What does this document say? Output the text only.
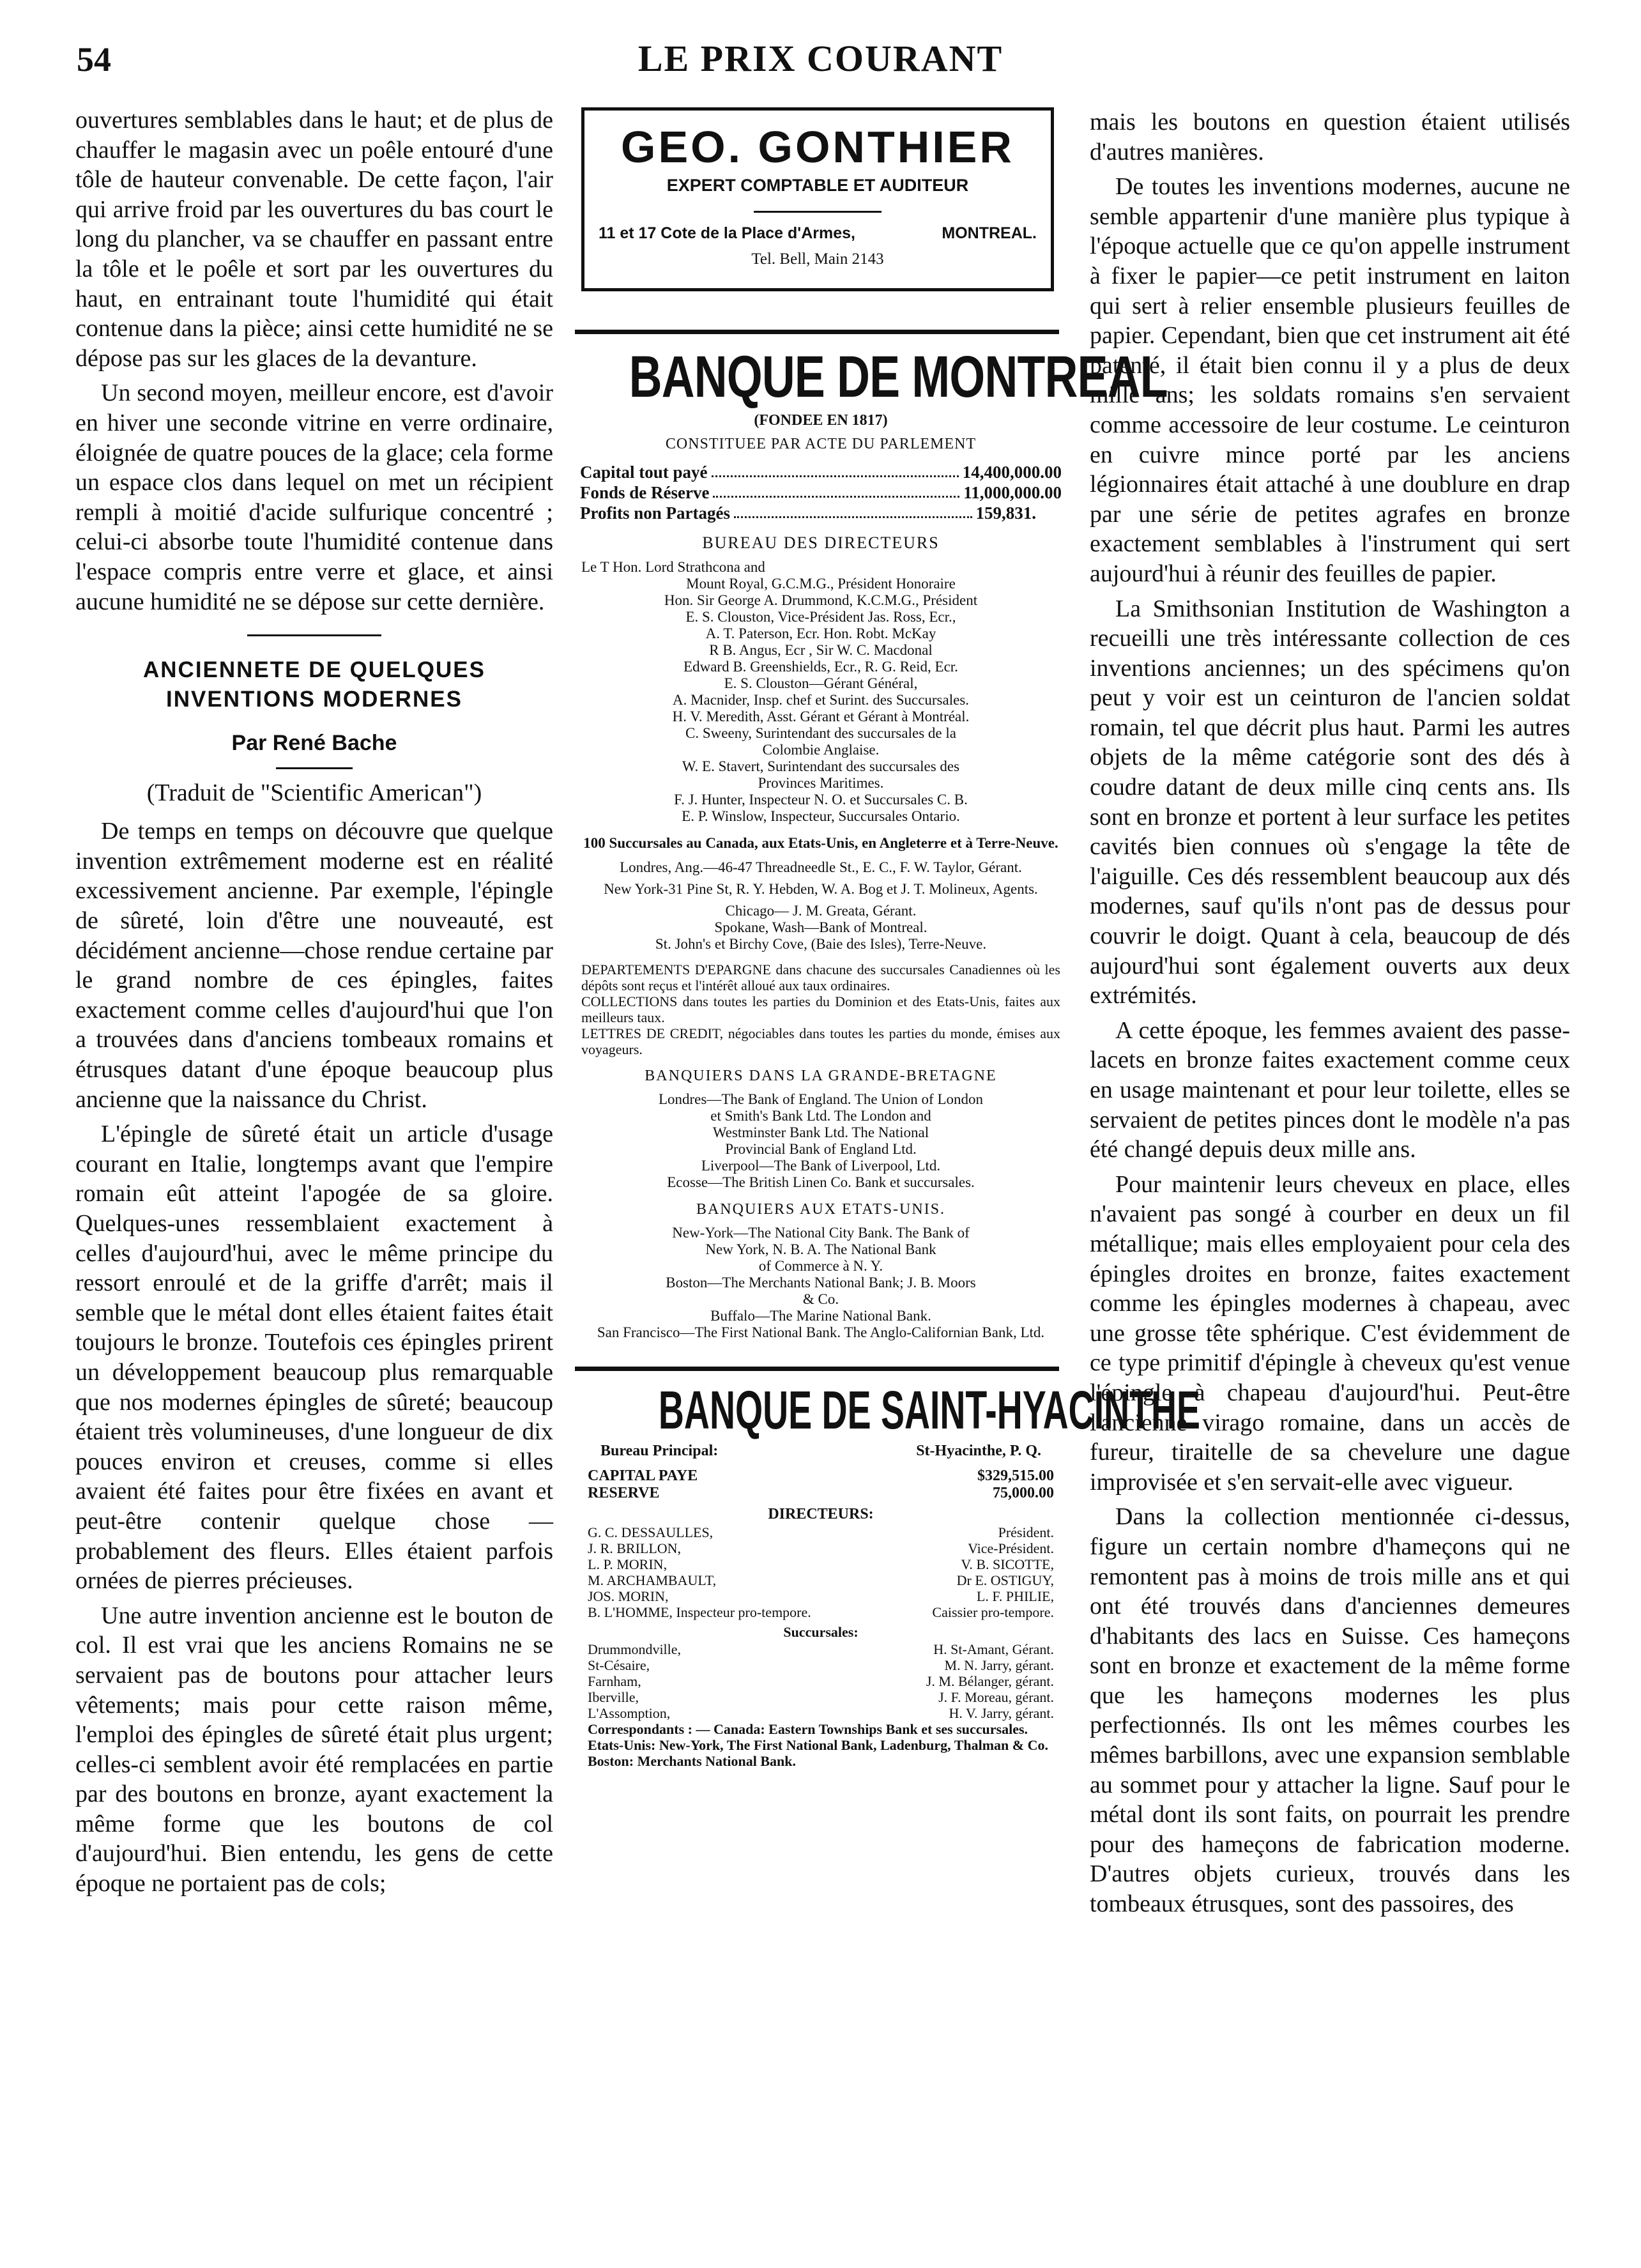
54	LE PRIX COURANT

ouvertures semblables dans le haut; et de plus de chauffer le magasin avec un poêle entouré d'une tôle de hauteur convenable. De cette façon, l'air qui arrive froid par les ouvertures du bas court le long du plancher, va se chauffer en passant entre la tôle et le poêle et sort par les ouvertures du haut, en entrainant toute l'humidité qui était contenue dans la pièce; ainsi cette humidité ne se dépose pas sur les glaces de la devanture.

Un second moyen, meilleur encore, est d'avoir en hiver une seconde vitrine en verre ordinaire, éloignée de quatre pouces de la glace; cela forme un espace clos dans lequel on met un récipient rempli à moitié d'acide sulfurique concentré ; celui-ci absorbe toute l'humidité contenue dans l'espace compris entre verre et glace, et ainsi aucune humidité ne se dépose sur cette dernière.

ANCIENNETE DE QUELQUES INVENTIONS MODERNES
Par René Bache
(Traduit de "Scientific American")

De temps en temps on découvre que quelque invention extrêmement moderne est en réalité excessivement ancienne. Par exemple, l'épingle de sûreté, loin d'être une nouveauté, est décidément ancienne—chose rendue certaine par le grand nombre de ces épingles, faites exactement comme celles d'aujourd'hui que l'on a trouvées dans d'anciens tombeaux romains et étrusques datant d'une époque beaucoup plus ancienne que la naissance du Christ.

L'épingle de sûreté était un article d'usage courant en Italie, longtemps avant que l'empire romain eût atteint l'apogée de sa gloire. Quelques-unes ressemblaient exactement à celles d'aujourd'hui, avec le même principe du ressort enroulé et de la griffe d'arrêt; mais il semble que le métal dont elles étaient faites était toujours le bronze. Toutefois ces épingles prirent un développement beaucoup plus remarquable que nos modernes épingles de sûreté; beaucoup étaient très volumineuses, d'une longueur de dix pouces environ et creuses, comme si elles avaient été faites pour être fixées en avant et peut-être contenir quelque chose — probablement des fleurs. Elles étaient parfois ornées de pierres précieuses.

Une autre invention ancienne est le bouton de col. Il est vrai que les anciens Romains ne se servaient pas de boutons pour attacher leurs vêtements; mais pour cette raison même, l'emploi des épingles de sûreté était plus urgent; celles-ci semblent avoir été remplacées en partie par des boutons en bronze, ayant exactement la même forme que les boutons de col d'aujourd'hui. Bien entendu, les gens de cette époque ne portaient pas de cols;

GEO. GONTHIER
EXPERT COMPTABLE ET AUDITEUR
11 et 17 Cote de la Place d'Armes,	MONTREAL.
Tel. Bell, Main 2143
BANQUE DE MONTREAL
(FONDEE EN 1817)
CONSTITUEE PAR ACTE DU PARLEMENT
Capital tout payé	14,400,000.00
Fonds de Réserve	11,000,000.00
Profits non Partagés	159,831.
BUREAU DES DIRECTEURS
Le T Hon. Lord Strathcona and
Mount Royal, G.C.M.G., Président Honoraire
Hon. Sir George A. Drummond, K.C.M.G., Président
E. S. Clouston, Vice-Président Jas. Ross, Ecr.,
A. T. Paterson, Ecr. Hon. Robt. McKay
R B. Angus, Ecr , Sir W. C. Macdonal
Edward B. Greenshields, Ecr., R. G. Reid, Ecr.
E. S. Clouston—Gérant Général,
A. Macnider, Insp. chef et Surint. des Succursales.
H. V. Meredith, Asst. Gérant et Gérant à Montréal.
C. Sweeny, Surintendant des succursales de la
Colombie Anglaise.
W. E. Stavert, Surintendant des succursales des
Provinces Maritimes.
F. J. Hunter, Inspecteur N. O. et Succursales C. B.
E. P. Winslow, Inspecteur, Succursales Ontario.
100 Succursales au Canada, aux Etats-Unis, en Angleterre et à Terre-Neuve.
Londres, Ang.—46-47 Threadneedle St., E. C., F. W. Taylor, Gérant.
New York-31 Pine St, R. Y. Hebden, W. A. Bog et J. T. Molineux, Agents.
Chicago— J. M. Greata, Gérant.
Spokane, Wash—Bank of Montreal.
St. John's et Birchy Cove, (Baie des Isles), Terre-Neuve.
DEPARTEMENTS D'EPARGNE dans chacune des succursales Canadiennes où les dépôts sont reçus et l'intérêt alloué aux taux ordinaires.
COLLECTIONS dans toutes les parties du Dominion et des Etats-Unis, faites aux meilleurs taux.
LETTRES DE CREDIT, négociables dans toutes les parties du monde, émises aux voyageurs.
BANQUIERS DANS LA GRANDE-BRETAGNE
Londres—The Bank of England. The Union of London
et Smith's Bank Ltd. The London and
Westminster Bank Ltd. The National
Provincial Bank of England Ltd.
Liverpool—The Bank of Liverpool, Ltd.
Ecosse—The British Linen Co. Bank et succursales.
BANQUIERS AUX ETATS-UNIS.
New-York—The National City Bank. The Bank of
New York, N. B. A. The National Bank
of Commerce à N. Y.
Boston—The Merchants National Bank; J. B. Moors
& Co.
Buffalo—The Marine National Bank.
San Francisco—The First National Bank. The Anglo-Californian Bank, Ltd.
BANQUE DE SAINT-HYACINTHE
Bureau Principal:	St-Hyacinthe, P. Q.
CAPITAL PAYE	$329,515.00
RESERVE	75,000.00
DIRECTEURS:
G. C. DESSAULLES,	Président.
J. R. BRILLON,	Vice-Président.
L. P. MORIN,	V. B. SICOTTE,
M. ARCHAMBAULT,	Dr E. OSTIGUY,
JOS. MORIN,	L. F. PHILIE,
B. L'HOMME, Inspecteur pro-tempore.	Caissier pro-tempore.
Succursales:
Drummondville,	H. St-Amant, Gérant.
St-Césaire,	M. N. Jarry, gérant.
Farnham,	J. M. Bélanger, gérant.
Iberville,	J. F. Moreau, gérant.
L'Assomption,	H. V. Jarry, gérant.
Correspondants : — Canada: Eastern Townships Bank et ses succursales. Etats-Unis: New-York, The First National Bank, Ladenburg, Thalman & Co. Boston: Merchants National Bank.

mais les boutons en question étaient utilisés d'autres manières.

De toutes les inventions modernes, aucune ne semble appartenir d'une manière plus typique à l'époque actuelle que ce qu'on appelle instrument à fixer le papier—ce petit instrument en laiton qui sert à relier ensemble plusieurs feuilles de papier. Cependant, bien que cet instrument ait été patenté, il était bien connu il y a plus de deux mille ans; les soldats romains s'en servaient comme accessoire de leur costume. Le ceinturon en cuivre mince porté par les anciens légionnaires était attaché à une doublure en drap par une série de petites agrafes en bronze exactement semblables à l'instrument qui sert aujourd'hui à réunir des feuilles de papier.

La Smithsonian Institution de Washington a recueilli une très intéressante collection de ces inventions anciennes; un des spécimens qu'on peut y voir est un ceinturon de l'ancien soldat romain, tel que décrit plus haut. Parmi les autres objets de la même catégorie sont des dés à coudre datant de deux mille cinq cents ans. Ils sont en bronze et portent à leur surface les petites cavités bien connues où s'engage la tête de l'aiguille. Ces dés ressemblent beaucoup aux dés modernes, sauf qu'ils n'ont pas de dessus pour couvrir le doigt. Quant à cela, beaucoup de dés aujourd'hui sont également ouverts aux deux extrémités.

A cette époque, les femmes avaient des passe-lacets en bronze faites exactement comme ceux en usage maintenant et pour leur toilette, elles se servaient de petites pinces dont le modèle n'a pas été changé depuis deux mille ans.

Pour maintenir leurs cheveux en place, elles n'avaient pas songé à courber en deux un fil métallique; mais elles employaient pour cela des épingles droites en bronze, faites exactement comme les épingles modernes à chapeau, avec une grosse tête sphérique. C'est évidemment de ce type primitif d'épingle à cheveux qu'est venue l'épingle à chapeau d'aujourd'hui. Peut-être l'ancienne virago romaine, dans un accès de fureur, tiraitelle de sa chevelure une dague improvisée et s'en servait-elle avec vigueur.

Dans la collection mentionnée ci-dessus, figure un certain nombre d'hameçons qui ne remontent pas à moins de trois mille ans et qui ont été trouvés dans d'anciennes demeures d'habitants des lacs en Suisse. Ces hameçons sont en bronze et exactement de la même forme que les hameçons modernes les plus perfectionnés. Ils ont les mêmes courbes les mêmes barbillons, avec une expansion semblable au sommet pour y attacher la ligne. Sauf pour le métal dont ils sont faits, on pourrait les prendre pour des hameçons de fabrication moderne. D'autres objets curieux, trouvés dans les tombeaux étrusques, sont des passoires, des
